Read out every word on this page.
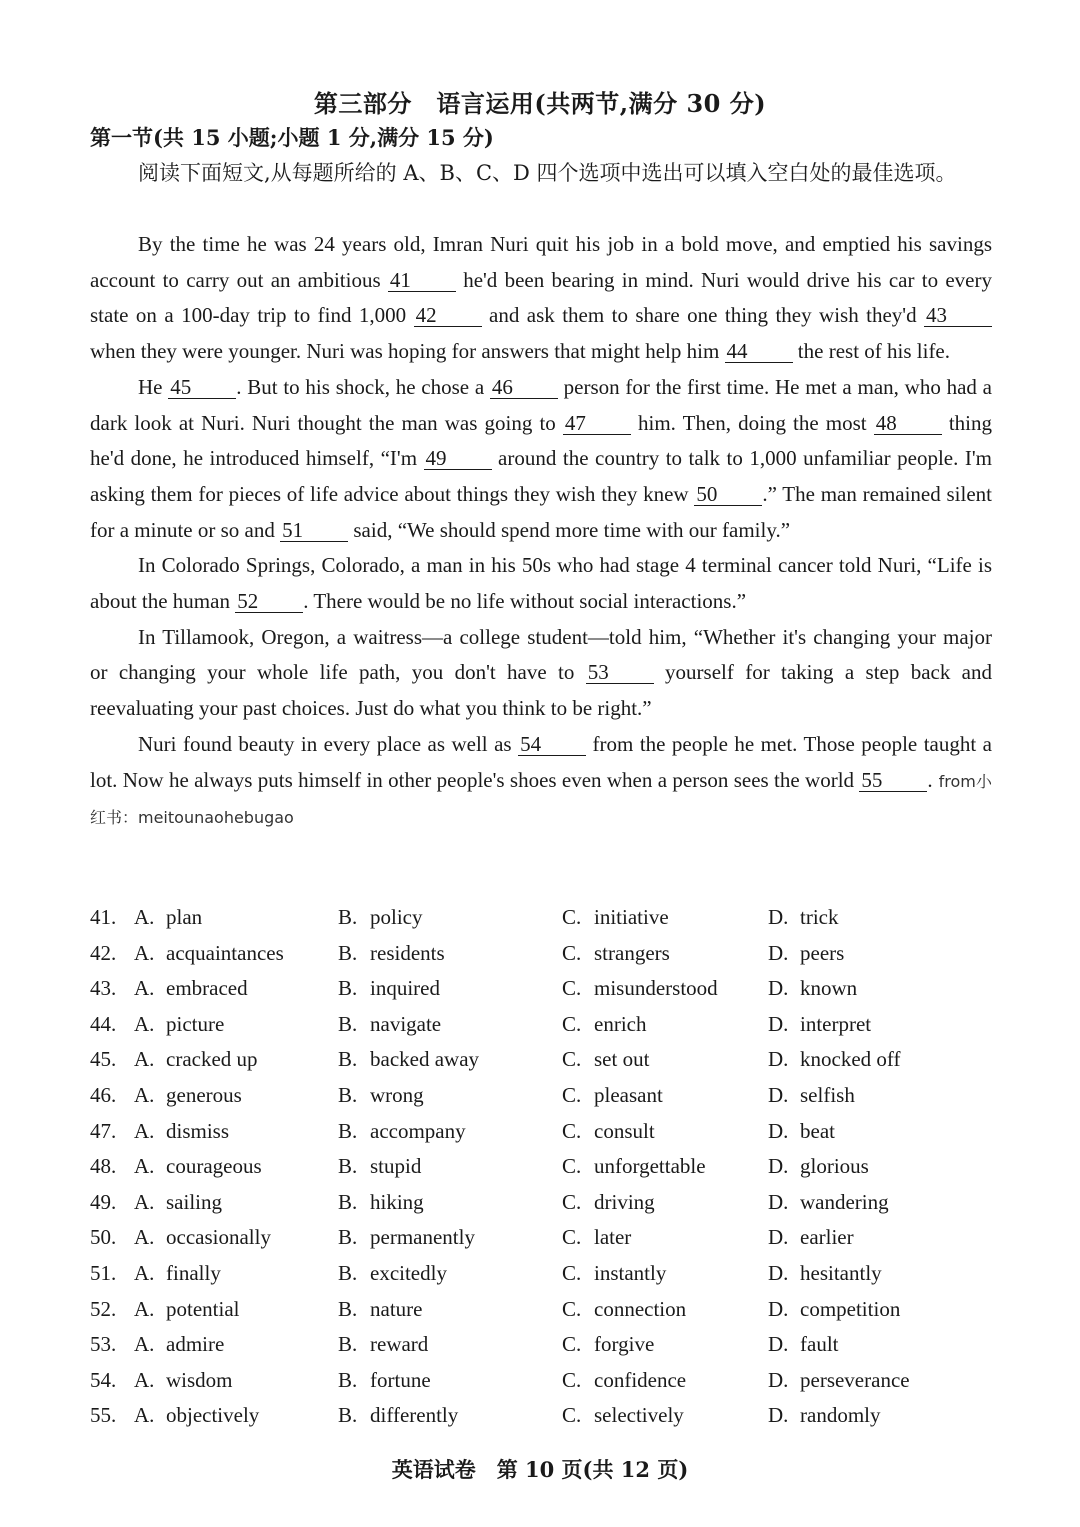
第三部分　语言运用(共两节,满分 30 分)
第一节(共 15 小题;小题 1 分,满分 15 分)

阅读下面短文,从每题所给的 A、B、C、D 四个选项中选出可以填入空白处的最佳选项。

By the time he was 24 years old, Imran Nuri quit his job in a bold move, and emptied his savings account to carry out an ambitious 41 he'd been bearing in mind. Nuri would drive his car to every state on a 100-day trip to find 1,000 42 and ask them to share one thing they wish they'd 43 when they were younger. Nuri was hoping for answers that might help him 44 the rest of his life.

He 45 . But to his shock, he chose a 46 person for the first time. He met a man, who had a dark look at Nuri. Nuri thought the man was going to 47 him. Then, doing the most 48 thing he'd done, he introduced himself, “I'm 49 around the country to talk to 1,000 unfamiliar people. I'm asking them for pieces of life advice about things they wish they knew 50 .” The man remained silent for a minute or so and 51 said, “We should spend more time with our family.”

In Colorado Springs, Colorado, a man in his 50s who had stage 4 terminal cancer told Nuri, “Life is about the human 52 . There would be no life without social interactions.”

In Tillamook, Oregon, a waitress—a college student—told him, “Whether it's changing your major or changing your whole life path, you don't have to 53 yourself for taking a step back and reevaluating your past choices. Just do what you think to be right.”

Nuri found beauty in every place as well as 54 from the people he met. Those people taught a lot. Now he always puts himself in other people's shoes even when a person sees the world 55 . from小红书：meitounaohebugao

41. A. plan	B. policy	C. initiative	D. trick
42. A. acquaintances	B. residents	C. strangers	D. peers
43. A. embraced	B. inquired	C. misunderstood D. known
44. A. picture	B. navigate	C. enrich	D. interpret
45. A. cracked up	B. backed away	C. set out	D. knocked off
46. A. generous	B. wrong	C. pleasant	D. selfish
47. A. dismiss	B. accompany	C. consult	D. beat
48. A. courageous	B. stupid	C. unforgettable	D. glorious
49. A. sailing	B. hiking	C. driving	D. wandering
50. A. occasionally	B. permanently	C. later	D. earlier
51. A. finally	B. excitedly	C. instantly	D. hesitantly
52. A. potential	B. nature	C. connection	D. competition
53. A. admire	B. reward	C. forgive	D. fault
54. A. wisdom	B. fortune	C. confidence	D. perseverance
55. A. objectively	B. differently	C. selectively	D. randomly
英语试卷　第 10 页(共 12 页)
